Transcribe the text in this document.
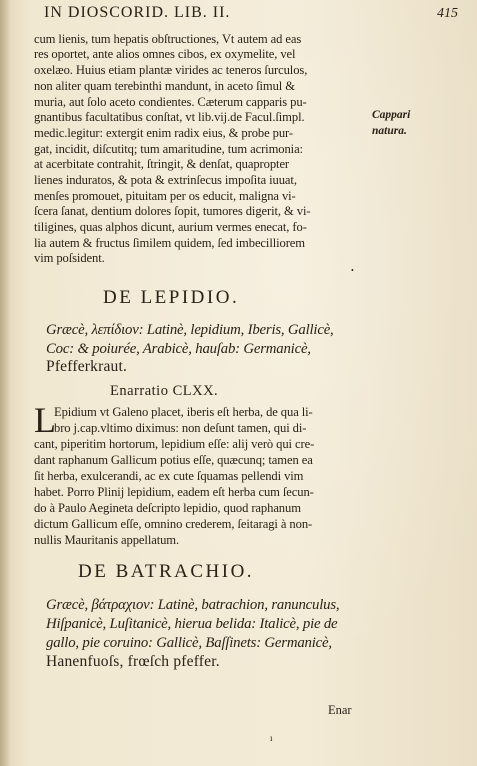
IN DIOSCORID. LIB. II.	415
cum lienis, tum hepatis obſtructiones, Vt autem ad eas
res oportet, ante alios omnes cibos, ex oxymelite, vel
oxelæo. Huius etiam plantæ virides ac teneros ſurculos,
non aliter quam terebinthi mandunt, in aceto ſimul &
muria, aut ſolo aceto condientes. Cæterum capparis pu-
gnantibus facultatibus conſtat, vt lib.vij.de Facul.ſimpl.
medic.legitur: extergit enim radix eius, & probe pur-
gat, incidit, diſcutitq; tum amaritudine, tum acrimonia:
at acerbitate contrahit, ſtringit, & denſat, quapropter
lienes induratos, & pota & extrinſecus impoſita iuuat,
menſes promouet, pituitam per os educit, maligna vi-
ſcera ſanat, dentium dolores ſopit, tumores digerit, & vi-
tiligines, quas alphos dicunt, aurium vermes enecat, fo-
lia autem & fructus ſimilem quidem, ſed imbecilliorem
vim poſsident.
•
Cappari
natura.
DE LEPIDIO.
Græcè, λεπίδιον: Latinè, lepidium, Iberis, Gallicè,
Coc: & poiurée, Arabicè, hauſab: Germanicè,
Pfefferkraut.
Enarratio CLXX.
L
Epidium vt Galeno placet, iberis eſt herba, de qua li-
bro j.cap.vltimo diximus: non deſunt tamen, qui di-
cant, piperitim hortorum, lepidium eſſe: alij verò qui cre-
dant raphanum Gallicum potius eſſe, quæcunq; tamen ea
ſit herba, exulcerandi, ac ex cute ſquamas pellendi vim
habet. Porro Plinij lepidium, eadem eſt herba cum ſecun-
do à Paulo Aegineta deſcripto lepidio, quod raphanum
dictum Gallicum eſſe, omnino crederem, ſeitaragi à non-
nullis Mauritanis appellatum.
DE BATRACHIO.
Græcè, βάτραχιον: Latinè, batrachion, ranunculus,
Hiſpanicè, Luſitanicè, hierua belida: Italicè, pie de
gallo, pie coruino: Gallicè, Baſſinets: Germanicè,
Hanenfuoſs, frœſch pfeffer.
Enar
ı
